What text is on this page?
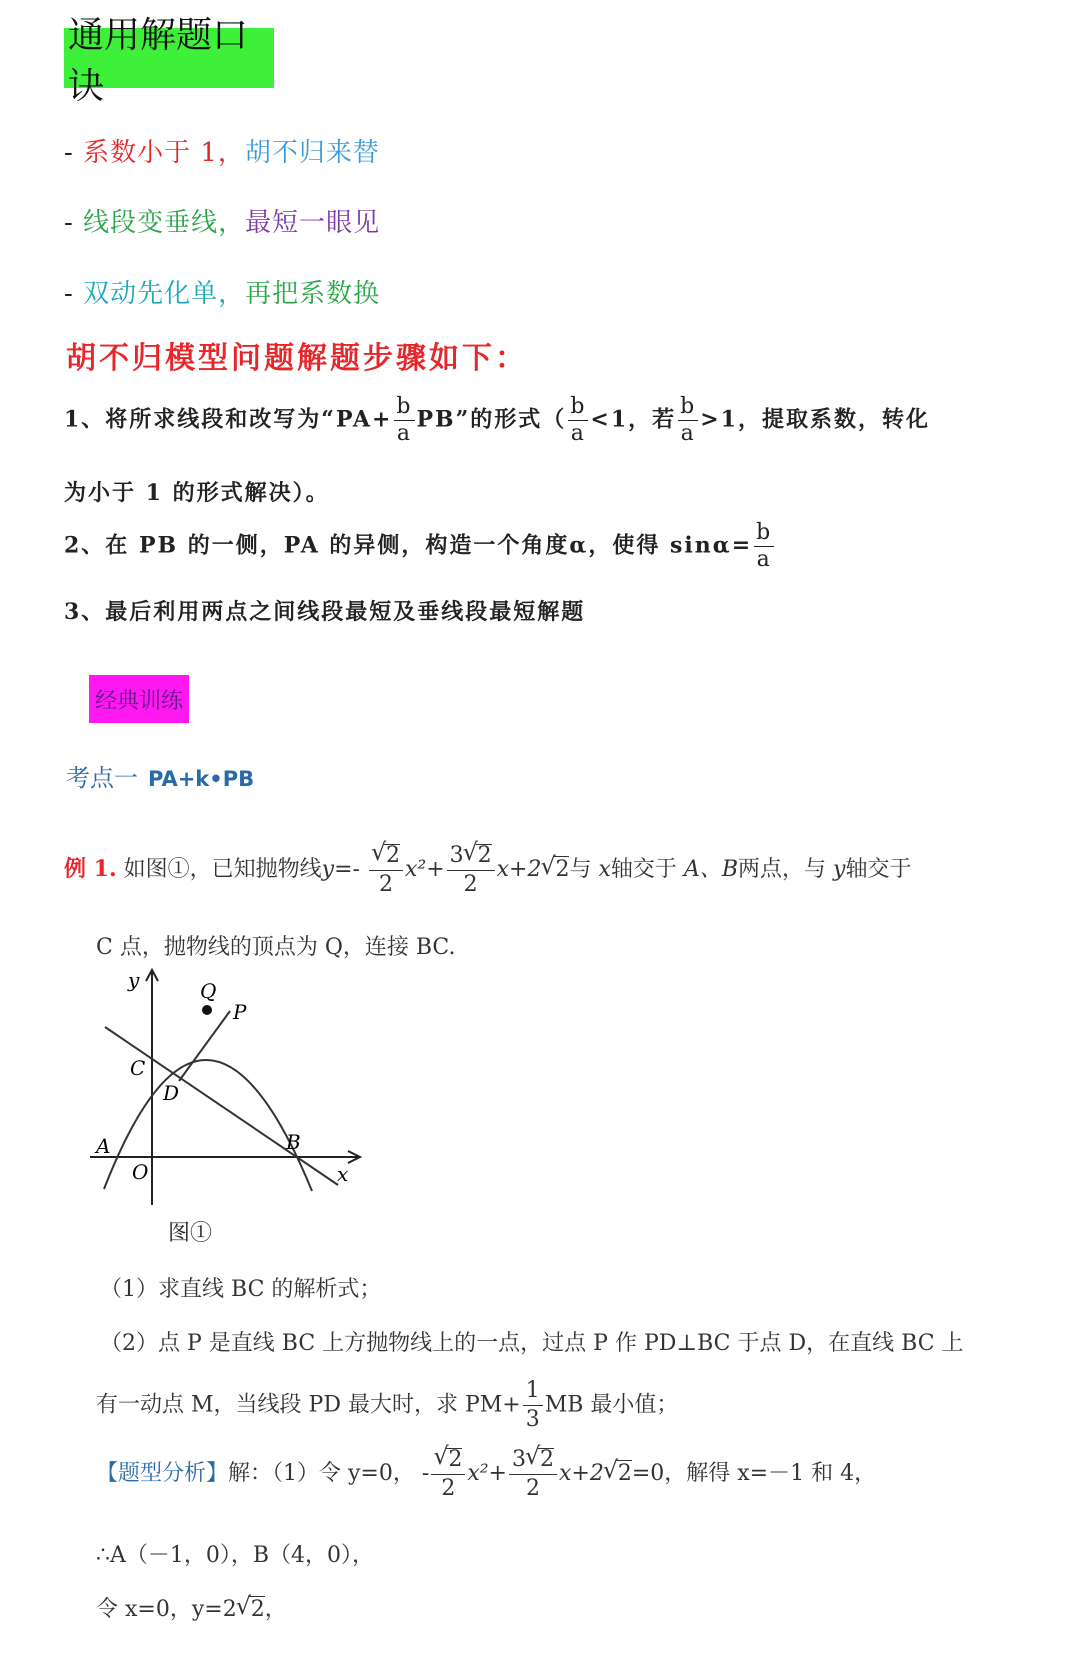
通用解题口诀
- 系数小于 1，胡不归来替
- 线段变垂线，最短一眼见
- 双动先化单，再把系数换
胡不归模型问题解题步骤如下：
1、将所求线段和改写为“$PA+ \frac{b}{a}$ PB”的形式（ $\frac{b}{a} <1$，若 $\frac{b}{a} >1$，提取系数，转化
为小于 1 的形式解决）。
2、在 PB 的一侧，PA 的异侧，构造一个角度α，使得 $\sin\alpha= \frac{b}{a}$
3、最后利用两点之间线段最短及垂线段最短解题
经典训练
考点一 PA+k•PB
例 1. 如图①，已知抛物线y=-
√ $\frac{2}{2} x^2+ \frac{3√ 2}{2} x+2√$ 2与 x轴交于 A、B两点，与 y轴交于
C 点，抛物线的顶点为 Q，连接 BC.
y	Q
P
C
D
A	B
O	x
图①
（1）求直线 BC 的解析式；
（2）点 P 是直线 BC 上方抛物线上的一点，过点 P 作 PD⊥BC 于点 D，在直线 BC 上
有一动点 M，当线段 PD 最大时，求 $PM+ \frac{1}{3}$ MB 最小值；
【题型分析】解：（1）令 y=0， -
√ $\frac{2}{2} x^2+ \frac{3√ 2}{2} x+2√$ 2=0，解得 x=－1 和 4，
∴A（－1，0），B（4，0），
令 x=0，y=2√ 2，
